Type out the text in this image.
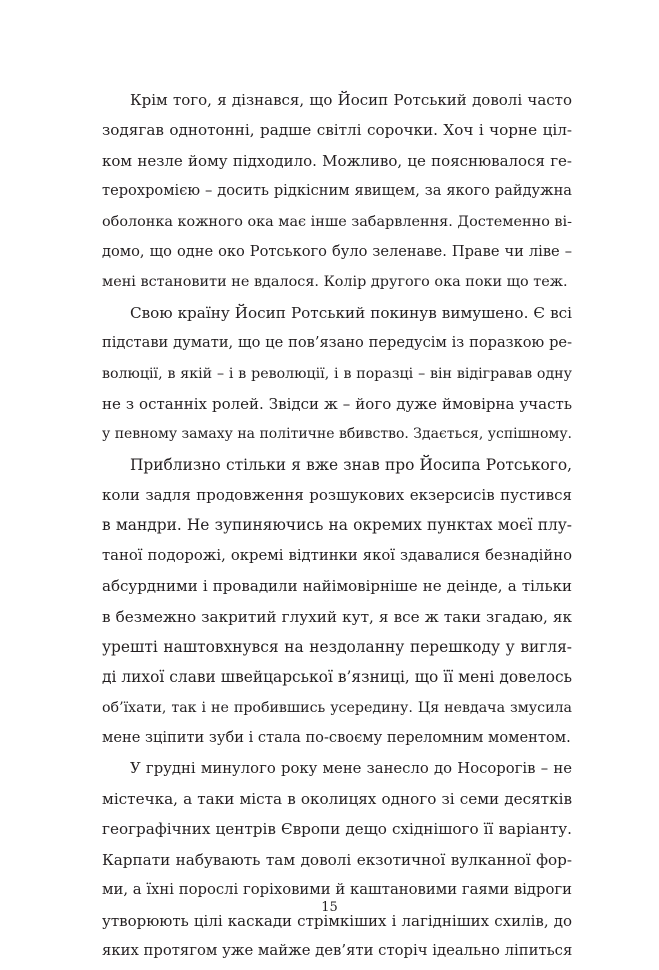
Крім того, я дізнався, що Йосип Ротський доволі часто
зодягав однотонні, радше світлі сорочки. Хоч і чорне ціл-
ком незле йому підходило. Можливо, це пояснювалося ге-
терохромією – досить рідкісним явищем, за якого райдужна
оболонка кожного ока має інше забарвлення. Достеменно ві-
домо, що одне око Ротського було зеленаве. Праве чи ліве –
мені встановити не вдалося. Колір другого ока поки що теж.
Свою країну Йосип Ротський покинув вимушено. Є всі
підстави думати, що це пов’язано передусім із поразкою ре-
волюції, в якій – і в революції, і в поразці – він відігравав одну
не з останніх ролей. Звідси ж – його дуже ймовірна участь
у певному замаху на політичне вбивство. Здається, успішному.
Приблизно стільки я вже знав про Йосипа Ротського,
коли задля продовження розшукових екзерсисів пустився
в мандри. Не зупиняючись на окремих пунктах моєї плу-
таної подорожі, окремі відтинки якої здавалися безнадійно
абсурдними і провадили найімовірніше не деінде, а тільки
в безмежно закритий глухий кут, я все ж таки згадаю, як
урешті наштовхнувся на нездоланну перешкоду у вигля-
ді лихої слави швейцарської в’язниці, що її мені довелось
об’їхати, так і не пробившись усередину. Ця невдача змусила
мене зціпити зуби і стала по-своєму переломним моментом.
У грудні минулого року мене занесло до Носорогів – не
містечка, а таки міста в околицях одного зі семи десятків
географічних центрів Європи дещо східнішого її варіанту.
Карпати набувають там доволі екзотичної вулканної фор-
ми, а їхні порослі горіховими й каштановими гаями відроги
утворюють цілі каскади стрімкіших і лагідніших схилів, до
яких протягом уже майже дев’яти сторіч ідеально ліпиться
15
